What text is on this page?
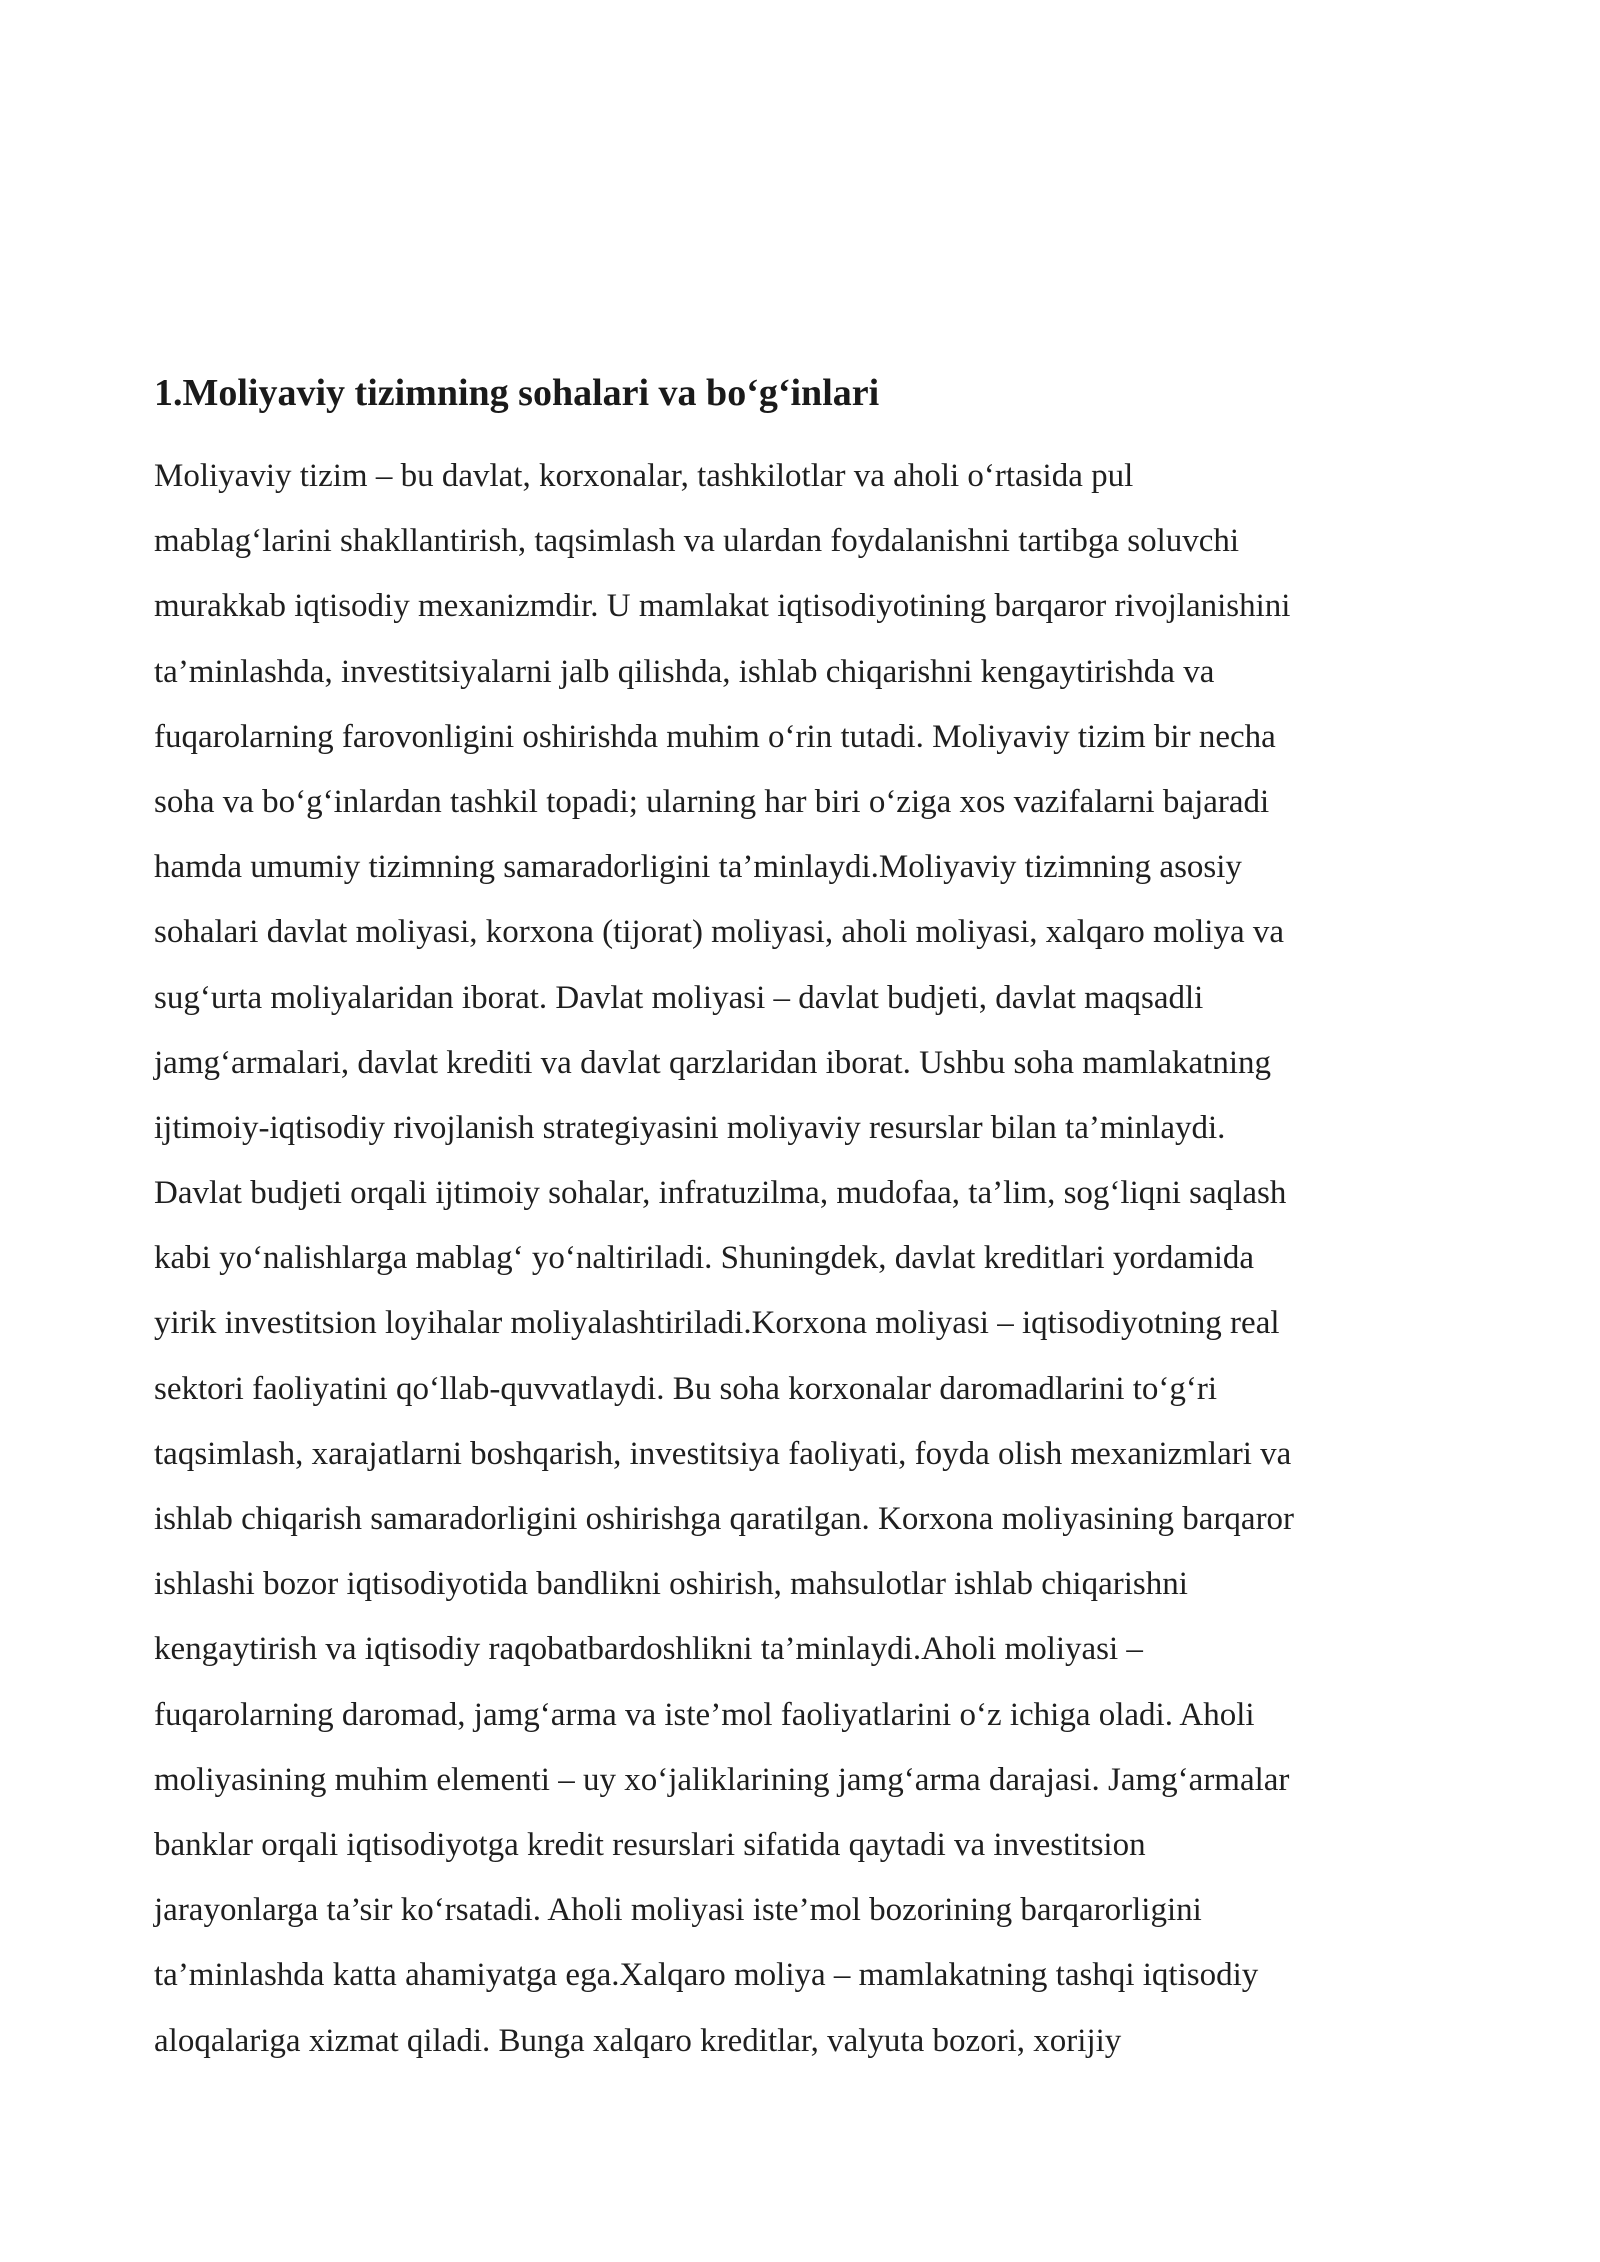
1.Moliyaviy tizimning sohalari va bo‘g‘inlari

Moliyaviy tizim – bu davlat, korxonalar, tashkilotlar va aholi o‘rtasida pul

mablag‘larini shakllantirish, taqsimlash va ulardan foydalanishni tartibga soluvchi

murakkab iqtisodiy mexanizmdir. U mamlakat iqtisodiyotining barqaror rivojlanishini

ta’minlashda, investitsiyalarni jalb qilishda, ishlab chiqarishni kengaytirishda va

fuqarolarning farovonligini oshirishda muhim o‘rin tutadi. Moliyaviy tizim bir necha

soha va bo‘g‘inlardan tashkil topadi; ularning har biri o‘ziga xos vazifalarni bajaradi

hamda umumiy tizimning samaradorligini ta’minlaydi.Moliyaviy tizimning asosiy

sohalari davlat moliyasi, korxona (tijorat) moliyasi, aholi moliyasi, xalqaro moliya va

sug‘urta moliyalaridan iborat. Davlat moliyasi – davlat budjeti, davlat maqsadli

jamg‘armalari, davlat krediti va davlat qarzlaridan iborat. Ushbu soha mamlakatning

ijtimoiy-iqtisodiy rivojlanish strategiyasini moliyaviy resurslar bilan ta’minlaydi.

Davlat budjeti orqali ijtimoiy sohalar, infratuzilma, mudofaa, ta’lim, sog‘liqni saqlash

kabi yo‘nalishlarga mablag‘ yo‘naltiriladi. Shuningdek, davlat kreditlari yordamida

yirik investitsion loyihalar moliyalashtiriladi.Korxona moliyasi – iqtisodiyotning real

sektori faoliyatini qo‘llab-quvvatlaydi. Bu soha korxonalar daromadlarini to‘g‘ri

taqsimlash, xarajatlarni boshqarish, investitsiya faoliyati, foyda olish mexanizmlari va

ishlab chiqarish samaradorligini oshirishga qaratilgan. Korxona moliyasining barqaror

ishlashi bozor iqtisodiyotida bandlikni oshirish, mahsulotlar ishlab chiqarishni

kengaytirish va iqtisodiy raqobatbardoshlikni ta’minlaydi.Aholi moliyasi –

fuqarolarning daromad, jamg‘arma va iste’mol faoliyatlarini o‘z ichiga oladi. Aholi

moliyasining muhim elementi – uy xo‘jaliklarining jamg‘arma darajasi. Jamg‘armalar

banklar orqali iqtisodiyotga kredit resurslari sifatida qaytadi va investitsion

jarayonlarga ta’sir ko‘rsatadi. Aholi moliyasi iste’mol bozorining barqarorligini

ta’minlashda katta ahamiyatga ega.Xalqaro moliya – mamlakatning tashqi iqtisodiy

aloqalariga xizmat qiladi. Bunga xalqaro kreditlar, valyuta bozori, xorijiy
